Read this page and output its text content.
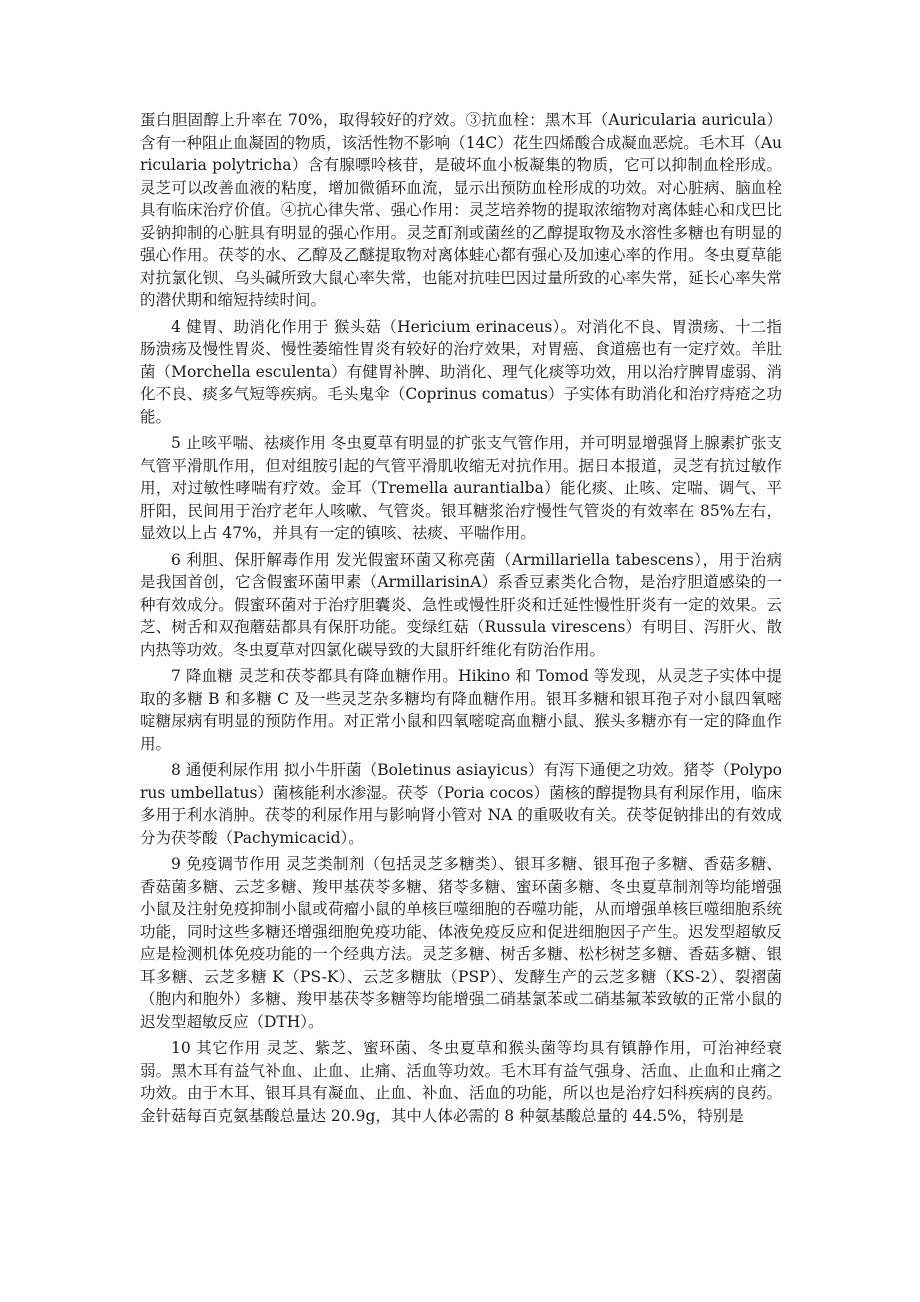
蛋白胆固醇上升率在 70%，取得较好的疗效。③抗血栓：黑木耳（Auricularia auricula）含有一种阻止血凝固的物质，该活性物不影响（14C）花生四烯酸合成凝血恶烷。毛木耳（Auricularia polytricha）含有腺嘌呤核苷，是破坏血小板凝集的物质，它可以抑制血栓形成。灵芝可以改善血液的粘度，增加微循环血流，显示出预防血栓形成的功效。对心脏病、脑血栓具有临床治疗价值。④抗心律失常、强心作用：灵芝培养物的提取浓缩物对离体蛙心和戊巴比妥钠抑制的心脏具有明显的强心作用。灵芝酊剂或菌丝的乙醇提取物及水溶性多糖也有明显的强心作用。茯苓的水、乙醇及乙醚提取物对离体蛙心都有强心及加速心率的作用。冬虫夏草能对抗氯化钡、乌头碱所致大鼠心率失常，也能对抗哇巴因过量所致的心率失常，延长心率失常的潜伏期和缩短持续时间。

4 健胃、助消化作用于 猴头菇（Hericium erinaceus）。对消化不良、胃溃疡、十二指肠溃疡及慢性胃炎、慢性萎缩性胃炎有较好的治疗效果，对胃癌、食道癌也有一定疗效。羊肚菌（Morchella esculenta）有健胃补脾、助消化、理气化痰等功效，用以治疗脾胃虚弱、消化不良、痰多气短等疾病。毛头鬼伞（Coprinus comatus）子实体有助消化和治疗痔疮之功能。

5 止咳平喘、祛痰作用 冬虫夏草有明显的扩张支气管作用，并可明显增强肾上腺素扩张支气管平滑肌作用，但对组胺引起的气管平滑肌收缩无对抗作用。据日本报道，灵芝有抗过敏作用，对过敏性哮喘有疗效。金耳（Tremella aurantialba）能化痰、止咳、定喘、调气、平肝阳，民间用于治疗老年人咳嗽、气管炎。银耳糖浆治疗慢性气管炎的有效率在 85%左右，显效以上占 47%，并具有一定的镇咳、祛痰、平喘作用。

6 利胆、保肝解毒作用 发光假蜜环菌又称亮菌（Armillariella tabescens），用于治病是我国首创，它含假蜜环菌甲素（ArmillarisinA）系香豆素类化合物，是治疗胆道感染的一种有效成分。假蜜环菌对于治疗胆囊炎、急性或慢性肝炎和迁延性慢性肝炎有一定的效果。云芝、树舌和双孢蘑菇都具有保肝功能。变绿红菇（Russula virescens）有明目、泻肝火、散内热等功效。冬虫夏草对四氯化碳导致的大鼠肝纤维化有防治作用。

7 降血糖 灵芝和茯苓都具有降血糖作用。Hikino 和 Tomod 等发现，从灵芝子实体中提取的多糖 B 和多糖 C 及一些灵芝杂多糖均有降血糖作用。银耳多糖和银耳孢子对小鼠四氧嘧啶糖尿病有明显的预防作用。对正常小鼠和四氧嘧啶高血糖小鼠、猴头多糖亦有一定的降血作用。

8 通便利尿作用 拟小牛肝菌（Boletinus asiayicus）有泻下通便之功效。猪苓（Polyporus umbellatus）菌核能利水渗湿。茯苓（Poria cocos）菌核的醇提物具有利尿作用，临床多用于利水消肿。茯苓的利尿作用与影响肾小管对 NA 的重吸收有关。茯苓促钠排出的有效成分为茯苓酸（Pachymicacid）。

9 免疫调节作用 灵芝类制剂（包括灵芝多糖类）、银耳多糖、银耳孢子多糖、香菇多糖、香菇菌多糖、云芝多糖、羧甲基茯苓多糖、猪苓多糖、蜜环菌多糖、冬虫夏草制剂等均能增强小鼠及注射免疫抑制小鼠或荷瘤小鼠的单核巨噬细胞的吞噬功能，从而增强单核巨噬细胞系统功能，同时这些多糖还增强细胞免疫功能、体液免疫反应和促进细胞因子产生。迟发型超敏反应是检测机体免疫功能的一个经典方法。灵芝多糖、树舌多糖、松杉树芝多糖、香菇多糖、银耳多糖、云芝多糖 K（PS-K）、云芝多糖肽（PSP）、发酵生产的云芝多糖（KS-2）、裂褶菌（胞内和胞外）多糖、羧甲基茯苓多糖等均能增强二硝基氯苯或二硝基氟苯致敏的正常小鼠的迟发型超敏反应（DTH）。

10 其它作用 灵芝、紫芝、蜜环菌、冬虫夏草和猴头菌等均具有镇静作用，可治神经衰弱。黑木耳有益气补血、止血、止痛、活血等功效。毛木耳有益气强身、活血、止血和止痛之功效。由于木耳、银耳具有凝血、止血、补血、活血的功能，所以也是治疗妇科疾病的良药。金针菇每百克氨基酸总量达 20.9g，其中人体必需的 8 种氨基酸总量的 44.5%，特别是
